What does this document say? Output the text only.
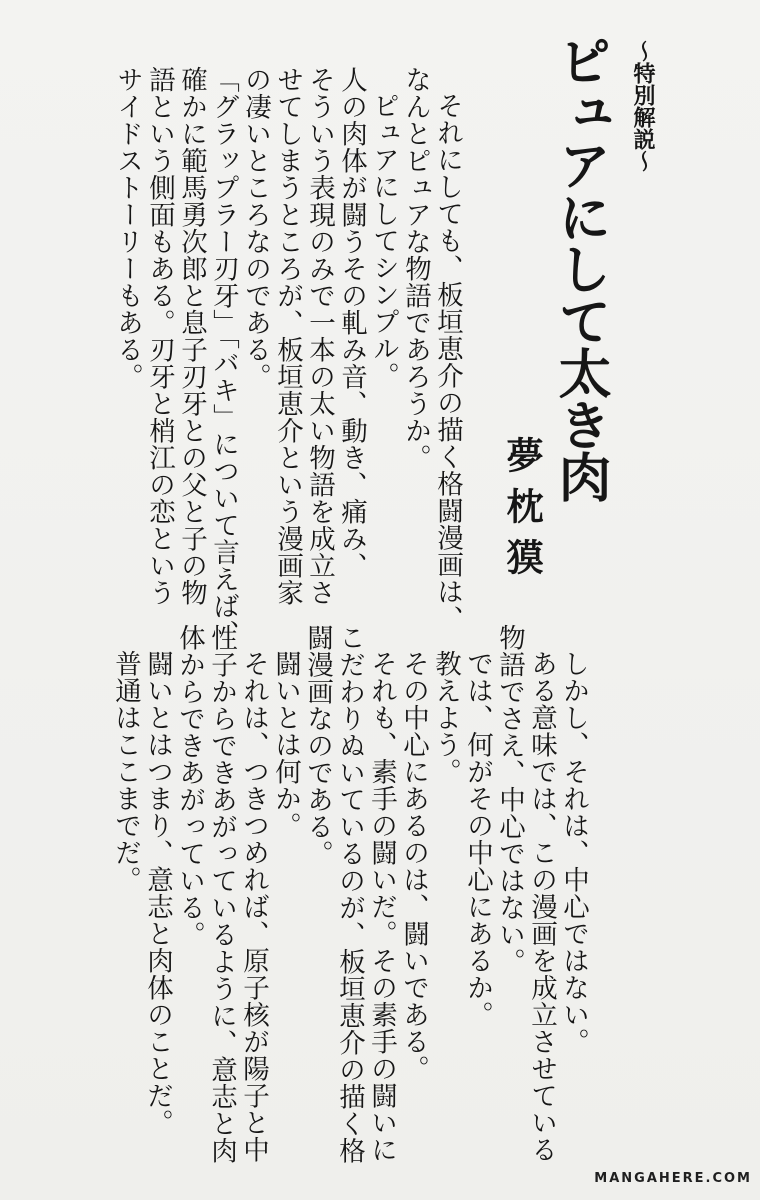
〜特別解説〜

ピュアにして太き肉

夢枕獏

それにしても、板垣恵介の描く格闘漫画は、

なんとピュアな物語であろうか。

ピュアにしてシンプル。

人の肉体が闘うその軋み音、動き、痛み、

そういう表現のみで一本の太い物語を成立さ

せてしまうところが、板垣恵介という漫画家

の凄いところなのである。

「グラップラー刃牙」「バキ」について言えば、

確かに範馬勇次郎と息子刃牙との父と子の物

語という側面もある。刃牙と梢江の恋という

サイドストーリーもある。

しかし、それは、中心ではない。

ある意味では、この漫画を成立させている

物語でさえ、中心ではない。

では、何がその中心にあるか。

教えよう。

その中心にあるのは、闘いである。

それも、素手の闘いだ。その素手の闘いに

こだわりぬいているのが、板垣恵介の描く格

闘漫画なのである。

闘いとは何か。

それは、つきつめれば、原子核が陽子と中

性子からできあがっているように、意志と肉

体からできあがっている。

闘いとはつまり、意志と肉体のことだ。

普通はここまでだ。

MANGAHERE.COM
